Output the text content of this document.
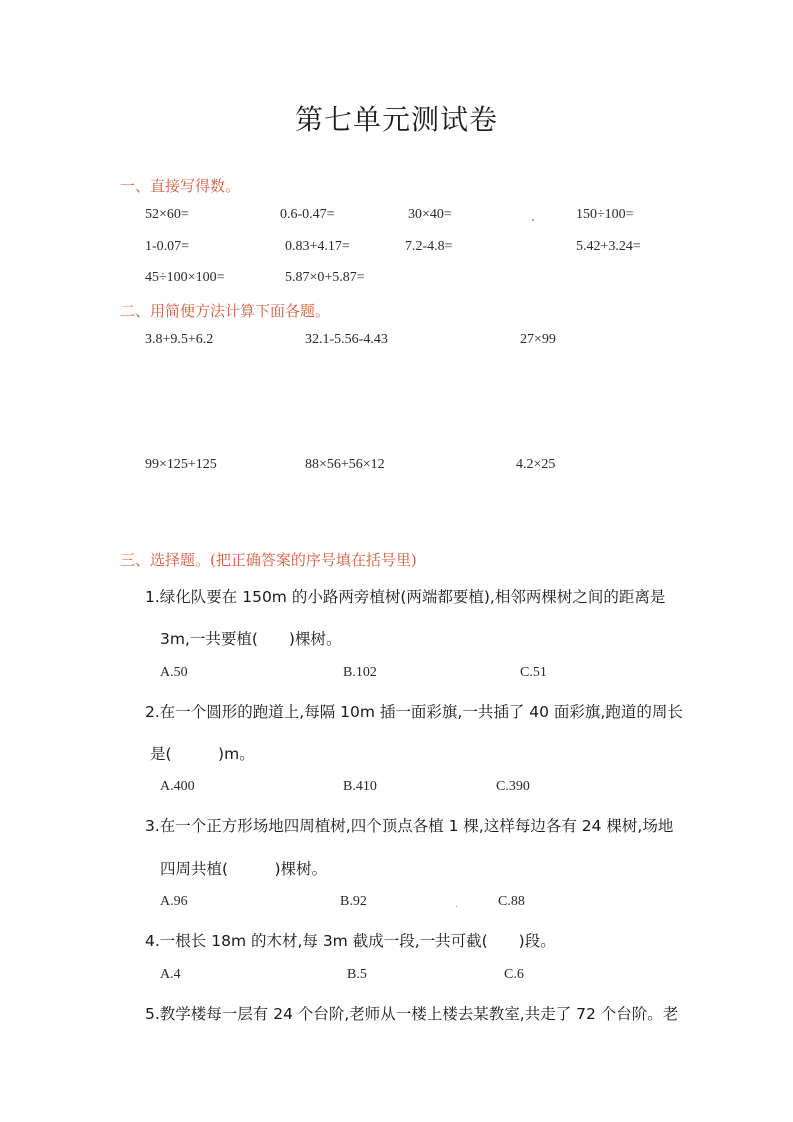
第七单元测试卷
一、直接写得数。
52×60=	0.6-0.47=	30×40=	150÷100=
1-0.07=	0.83+4.17=	7.2-4.8=	5.42+3.24=
45÷100×100=	5.87×0+5.87=
二、用简便方法计算下面各题。
3.8+9.5+6.2	32.1-5.56-4.43	27×99
99×125+125	88×56+56×12	4.2×25
三、选择题。(把正确答案的序号填在括号里)
1.绿化队要在 150m 的小路两旁植树(两端都要植),相邻两棵树之间的距离是
3m,一共要植(　　)棵树。
A.50	B.102	C.51
2.在一个圆形的跑道上,每隔 10m 插一面彩旗,一共插了 40 面彩旗,跑道的周长
是(　　　)m。
A.400	B.410	C.390
3.在一个正方形场地四周植树,四个顶点各植 1 棵,这样每边各有 24 棵树,场地
四周共植(　　　)棵树。
A.96	B.92	C.88
4.一根长 18m 的木材,每 3m 截成一段,一共可截(　　)段。
A.4	B.5	C.6
5.教学楼每一层有 24 个台阶,老师从一楼上楼去某教室,共走了 72 个台阶。老
